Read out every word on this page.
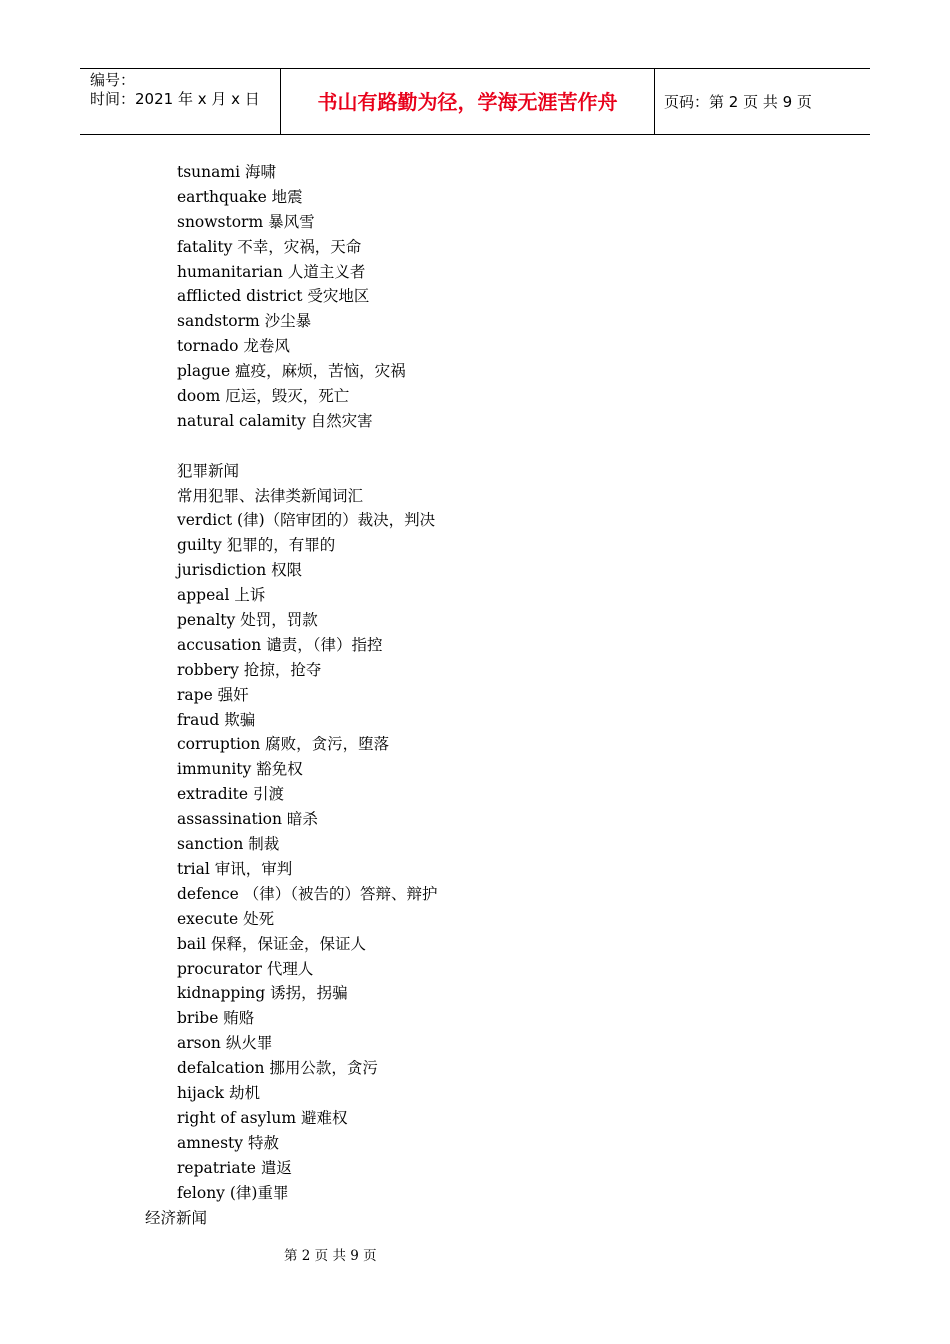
编号：
时间：2021 年 x 月 x 日	书山有路勤为径，学海无涯苦作舟	页码：第 2 页 共 9 页
tsunami 海啸
earthquake 地震
snowstorm 暴风雪
fatality 不幸，灾祸，天命
humanitarian 人道主义者
afflicted district 受灾地区
sandstorm 沙尘暴
tornado 龙卷风
plague 瘟疫，麻烦，苦恼，灾祸
doom 厄运，毁灭，死亡
natural calamity 自然灾害
犯罪新闻
常用犯罪、法律类新闻词汇
verdict (律)（陪审团的）裁决，判决
guilty 犯罪的，有罪的
jurisdiction 权限
appeal 上诉
penalty 处罚，罚款
accusation 谴责，（律）指控
robbery 抢掠，抢夺
rape 强奸
fraud 欺骗
corruption 腐败，贪污，堕落
immunity 豁免权
extradite 引渡
assassination 暗杀
sanction 制裁
trial 审讯，审判
defence （律）（被告的）答辩、辩护
execute 处死
bail 保释，保证金，保证人
procurator 代理人
kidnapping 诱拐，拐骗
bribe 贿赂
arson 纵火罪
defalcation 挪用公款，贪污
hijack 劫机
right of asylum 避难权
amnesty 特赦
repatriate 遣返
felony (律)重罪
经济新闻
第 2 页 共 9 页
